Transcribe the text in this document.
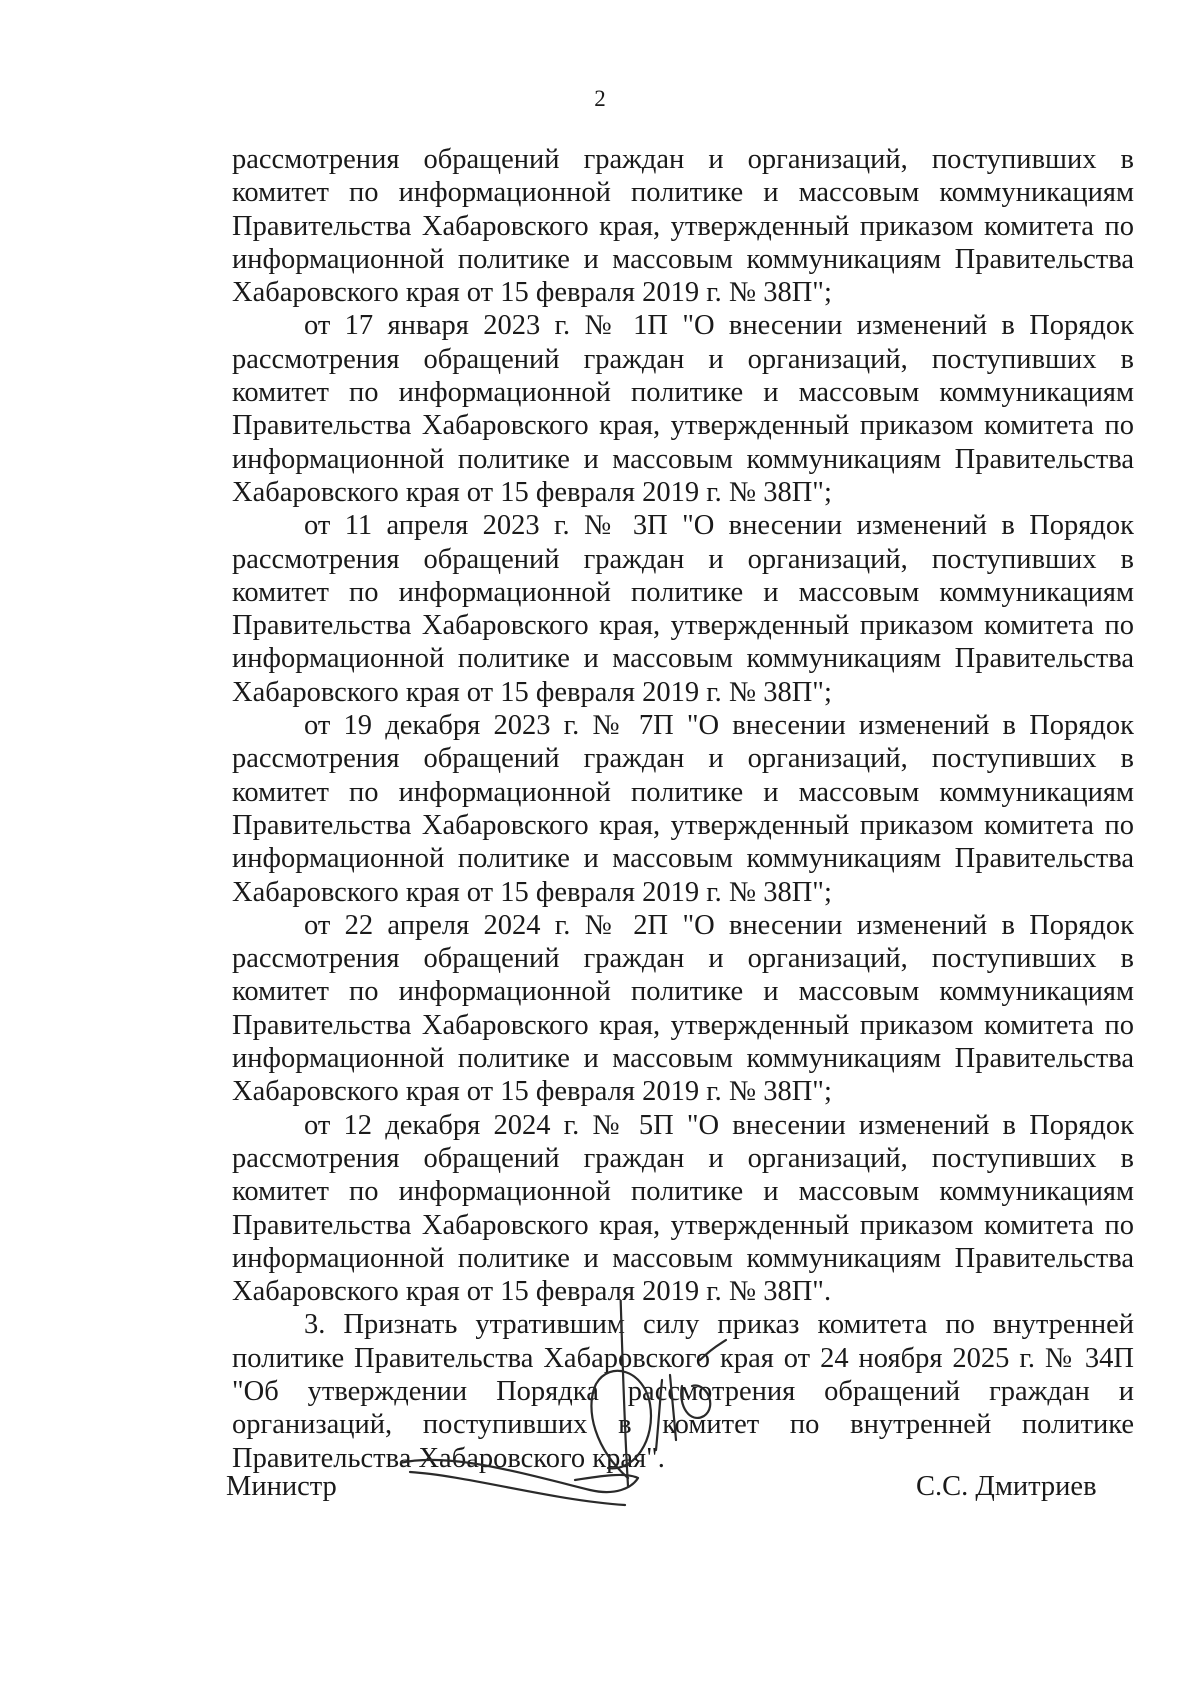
2

рассмотрения обращений граждан и организаций, поступивших в комитет по информационной политике и массовым коммуникациям Правительства Хабаровского края, утвержденный приказом комитета по информационной политике и массовым коммуникациям Правительства Хабаровского края от 15 февраля 2019 г. № 38П";

от 17 января 2023 г. № 1П "О внесении изменений в Порядок рассмотрения обращений граждан и организаций, поступивших в комитет по информационной политике и массовым коммуникациям Правительства Хабаровского края, утвержденный приказом комитета по информационной политике и массовым коммуникациям Правительства Хабаровского края от 15 февраля 2019 г. № 38П";

от 11 апреля 2023 г. № 3П "О внесении изменений в Порядок рассмотрения обращений граждан и организаций, поступивших в комитет по информационной политике и массовым коммуникациям Правительства Хабаровского края, утвержденный приказом комитета по информационной политике и массовым коммуникациям Правительства Хабаровского края от 15 февраля 2019 г. № 38П";

от 19 декабря 2023 г. № 7П "О внесении изменений в Порядок рассмотрения обращений граждан и организаций, поступивших в комитет по информационной политике и массовым коммуникациям Правительства Хабаровского края, утвержденный приказом комитета по информационной политике и массовым коммуникациям Правительства Хабаровского края от 15 февраля 2019 г. № 38П";

от 22 апреля 2024 г. № 2П "О внесении изменений в Порядок рассмотрения обращений граждан и организаций, поступивших в комитет по информационной политике и массовым коммуникациям Правительства Хабаровского края, утвержденный приказом комитета по информационной политике и массовым коммуникациям Правительства Хабаровского края от 15 февраля 2019 г. № 38П";

от 12 декабря 2024 г. № 5П "О внесении изменений в Порядок рассмотрения обращений граждан и организаций, поступивших в комитет по информационной политике и массовым коммуникациям Правительства Хабаровского края, утвержденный приказом комитета по информационной политике и массовым коммуникациям Правительства Хабаровского края от 15 февраля 2019 г. № 38П".

3. Признать утратившим силу приказ комитета по внутренней политике Правительства Хабаровского края от 24 ноября 2025 г. № 34П "Об утверждении Порядка рассмотрения обращений граждан и организаций, поступивших в комитет по внутренней политике Правительства Хабаровского края".

Министр	С.С. Дмитриев
